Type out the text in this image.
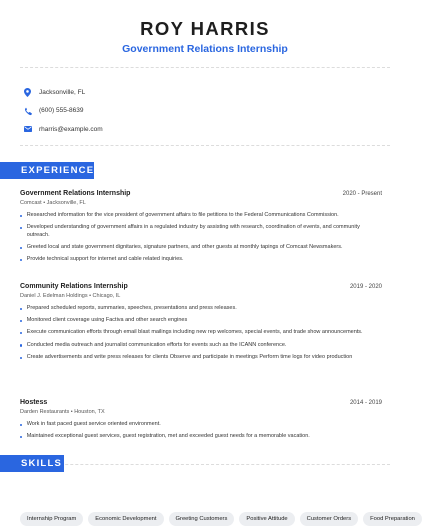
ROY HARRIS
Government Relations Internship
Jacksonville, FL
(600) 555-8639
rharris@example.com
EXPERIENCE
Government Relations Internship	2020 - Present
Comcast • Jacksonville, FL
Researched information for the vice president of government affairs to file petitions to the Federal Communications Commission.
Developed understanding of government affairs in a regulated industry by assisting with research, coordination of events, and community outreach.
Greeted local and state government dignitaries, signature partners, and other guests at monthly tapings of Comcast Newsmakers.
Provide technical support for internet and cable related inquiries.
Community Relations Internship	2019 - 2020
Daniel J. Edelman Holdings • Chicago, IL
Prepared scheduled reports, summaries, speeches, presentations and press releases.
Monitored client coverage using Factiva and other search engines
Execute communication efforts through email blast mailings including new rep welcomes, special events, and trade show announcements.
Conducted media outreach and journalist communication efforts for events such as the ICANN conference.
Create advertisements and write press releases for clients Observe and participate in meetings Perform time logs for video production
Hostess	2014 - 2019
Darden Restaurants • Houston, TX
Work in fast paced guest service oriented environment.
Maintained exceptional guest services, guest registration, met and exceeded guest needs for a memorable vacation.
SKILLS
Internship Program	Economic Development	Greeting Customers	Positive Attitude	Customer Orders	Food Preparation
